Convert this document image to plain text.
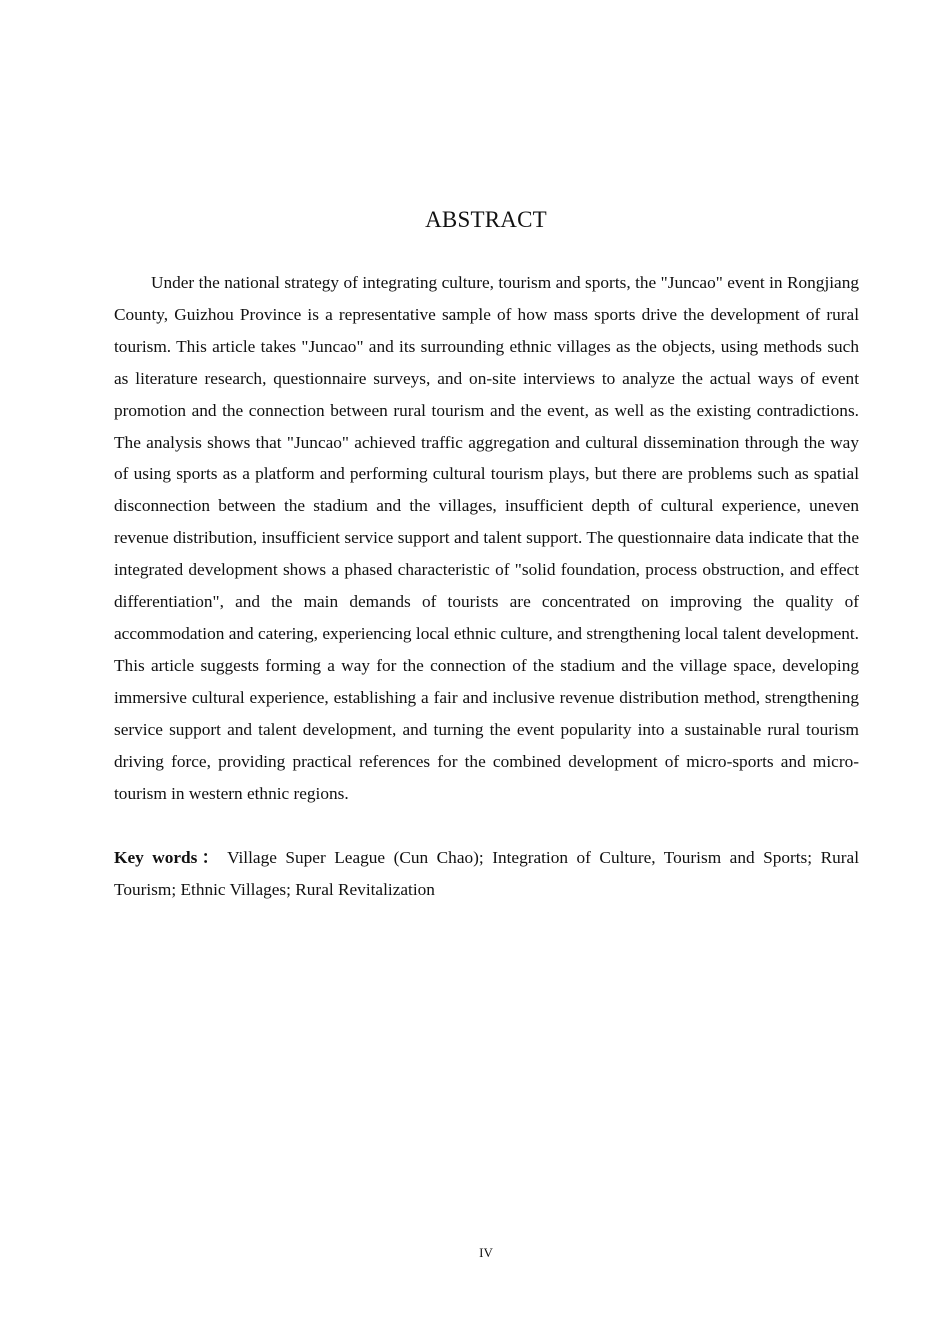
ABSTRACT

Under the national strategy of integrating culture, tourism and sports, the "Juncao" event in Rongjiang County, Guizhou Province is a representative sample of how mass sports drive the development of rural tourism. This article takes "Juncao" and its surrounding ethnic villages as the objects, using methods such as literature research, questionnaire surveys, and on-site interviews to analyze the actual ways of event promotion and the connection between rural tourism and the event, as well as the existing contradictions. The analysis shows that "Juncao" achieved traffic aggregation and cultural dissemination through the way of using sports as a platform and performing cultural tourism plays, but there are problems such as spatial disconnection between the stadium and the villages, insufficient depth of cultural experience, uneven revenue distribution, insufficient service support and talent support. The questionnaire data indicate that the integrated development shows a phased characteristic of "solid foundation, process obstruction, and effect differentiation", and the main demands of tourists are concentrated on improving the quality of accommodation and catering, experiencing local ethnic culture, and strengthening local talent development. This article suggests forming a way for the connection of the stadium and the village space, developing immersive cultural experience, establishing a fair and inclusive revenue distribution method, strengthening service support and talent development, and turning the event popularity into a sustainable rural tourism driving force, providing practical references for the combined development of micro-sports and micro-tourism in western ethnic regions.

Key words： Village Super League (Cun Chao); Integration of Culture, Tourism and Sports; Rural Tourism; Ethnic Villages; Rural Revitalization

IV
